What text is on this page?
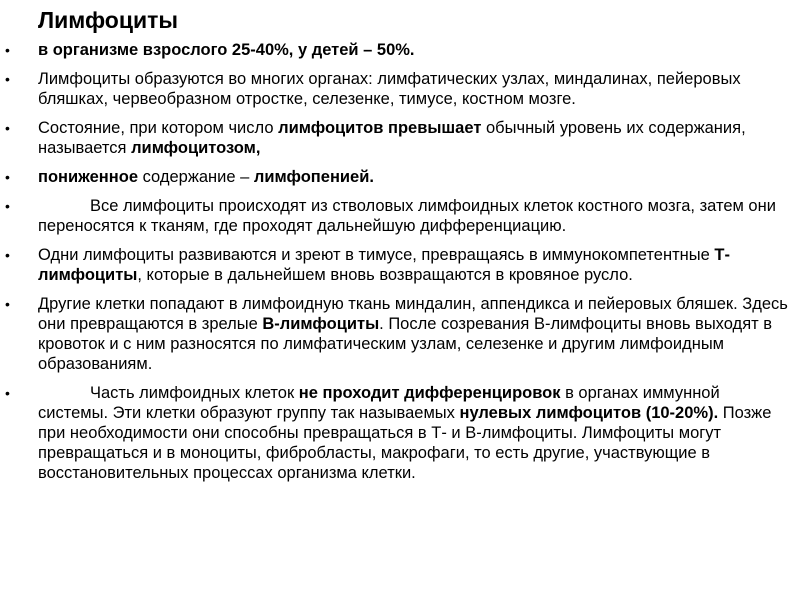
Лимфоциты
• в организме взрослого 25-40%, у детей – 50%.
• Лимфоциты образуются во многих органах: лимфатических узлах, миндалинах, пейеровых бляшках, червеобразном отростке, селезенке, тимусе, костном мозге.
• Состояние, при котором число лимфоцитов превышает обычный уровень их содержания, называется лимфоцитозом,
• пониженное содержание – лимфопенией.
•	Все лимфоциты происходят из стволовых лимфоидных клеток костного мозга, затем они переносятся к тканям, где проходят дальнейшую дифференциацию.
• Одни лимфоциты развиваются и зреют в тимусе, превращаясь в иммунокомпетентные Т-лимфоциты, которые в дальнейшем вновь возвращаются в кровяное русло.
• Другие клетки попадают в лимфоидную ткань миндалин, аппендикса и пейеровых бляшек. Здесь они превращаются в зрелые В-лимфоциты. После созревания В-лимфоциты вновь выходят в кровоток и с ним разносятся по лимфатическим узлам, селезенке и другим лимфоидным образованиям.
•	Часть лимфоидных клеток не проходит дифференцировок в органах иммунной системы. Эти клетки образуют группу так называемых нулевых лимфоцитов (10-20%). Позже при необходимости они способны превращаться в Т- и В-лимфоциты. Лимфоциты могут превращаться и в моноциты, фибробласты, макрофаги, то есть другие, участвующие в восстановительных процессах организма клетки.
